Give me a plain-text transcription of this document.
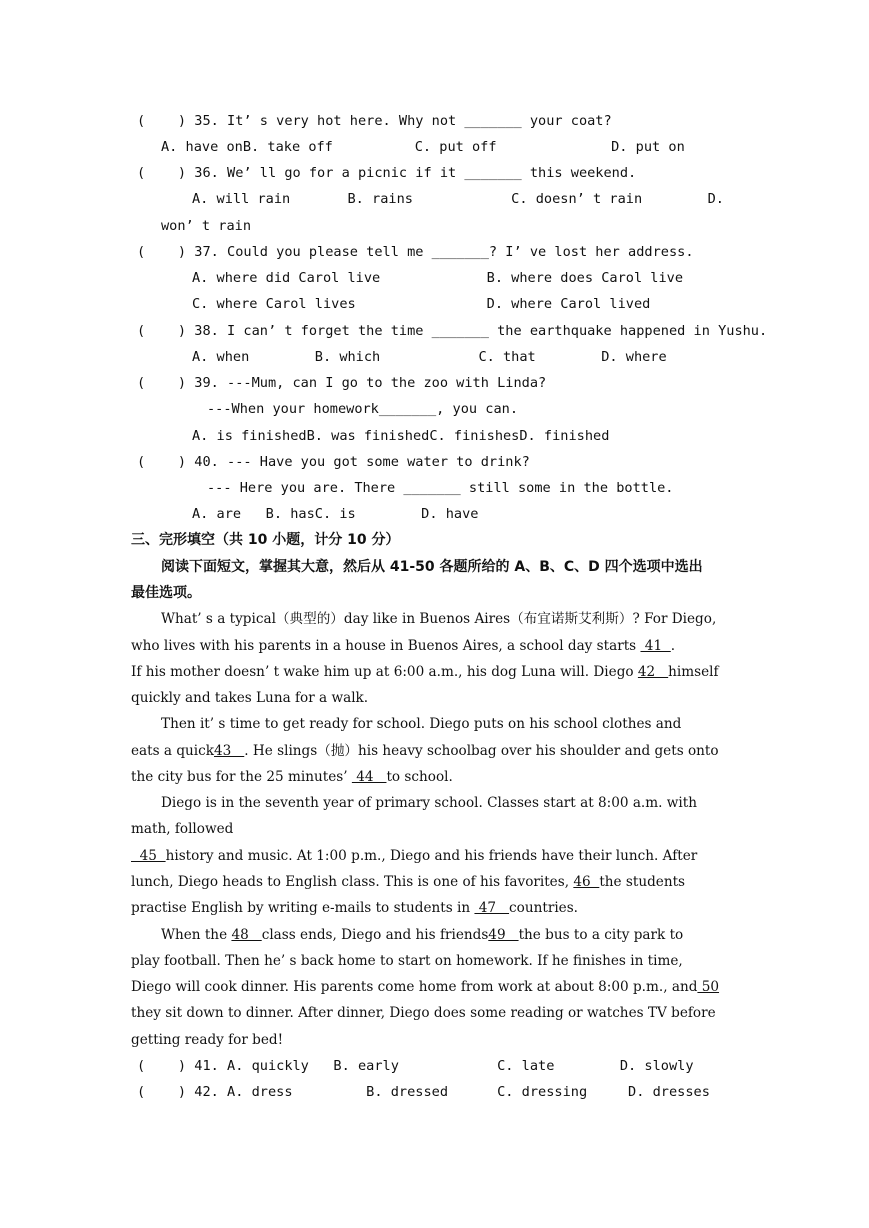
(    ) 35. It’ s very hot here. Why not _______ your coat?
A. have onB. take off          C. put off              D. put on
(    ) 36. We’ ll go for a picnic if it _______ this weekend.
A. will rain       B. rains            C. doesn’ t rain        D.
won’ t rain
(    ) 37. Could you please tell me _______? I’ ve lost her address.
A. where did Carol live             B. where does Carol live
C. where Carol lives                D. where Carol lived
(    ) 38. I can’ t forget the time _______ the earthquake happened in Yushu.
A. when        B. which            C. that        D. where
(    ) 39. ---Mum, can I go to the zoo with Linda?
---When your homework_______, you can.
A. is finishedB. was finishedC. finishesD. finished
(    ) 40. --- Have you got some water to drink?
--- Here you are. There _______ still some in the bottle.
A. are   B. hasC. is        D. have
三、完形填空（共 10 小题，计分 10 分）
阅读下面短文，掌握其大意，然后从 41-50 各题所给的 A、B、C、D 四个选项中选出
最佳选项。
What’ s a typical（典型的）day like in Buenos Aires（布宜诺斯艾利斯）? For Diego,
who lives with his parents in a house in Buenos Aires, a school day starts  41  .
If his mother doesn’ t wake him up at 6:00 a.m., his dog Luna will. Diego 42   himself
quickly and takes Luna for a walk.
Then it’ s time to get ready for school. Diego puts on his school clothes and
eats a quick43   . He slings（抛）his heavy schoolbag over his shoulder and gets onto
the city bus for the 25 minutes’  44   to school.
Diego is in the seventh year of primary school. Classes start at 8:00 a.m. with
math, followed
45  history and music. At 1:00 p.m., Diego and his friends have their lunch. After
lunch, Diego heads to English class. This is one of his favorites, 46  the students
practise English by writing e-mails to students in  47   countries.
When the 48   class ends, Diego and his friends49   the bus to a city park to
play football. Then he’ s back home to start on homework. If he finishes in time,
Diego will cook dinner. His parents come home from work at about 8:00 p.m., and 50
they sit down to dinner. After dinner, Diego does some reading or watches TV before
getting ready for bed!
(    ) 41. A. quickly   B. early            C. late        D. slowly
(    ) 42. A. dress         B. dressed      C. dressing     D. dresses
